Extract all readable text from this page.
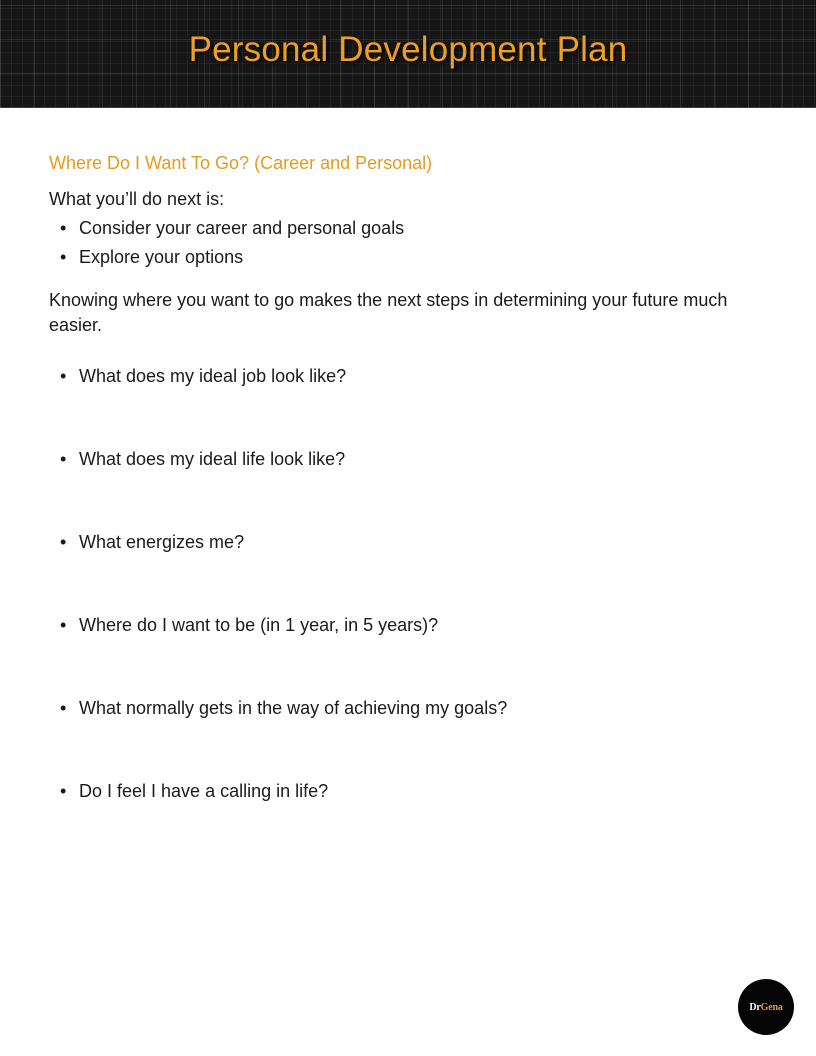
Personal Development Plan
Where Do I Want To Go? (Career and Personal)

What you’ll do next is:

• Consider your career and personal goals
• Explore your options

Knowing where you want to go makes the next steps in determining your future much easier.

• What does my ideal job look like?
• What does my ideal life look like?
• What energizes me?
• Where do I want to be (in 1 year, in 5 years)?
• What normally gets in the way of achieving my goals?
• Do I feel I have a calling in life?
Dr Gena
